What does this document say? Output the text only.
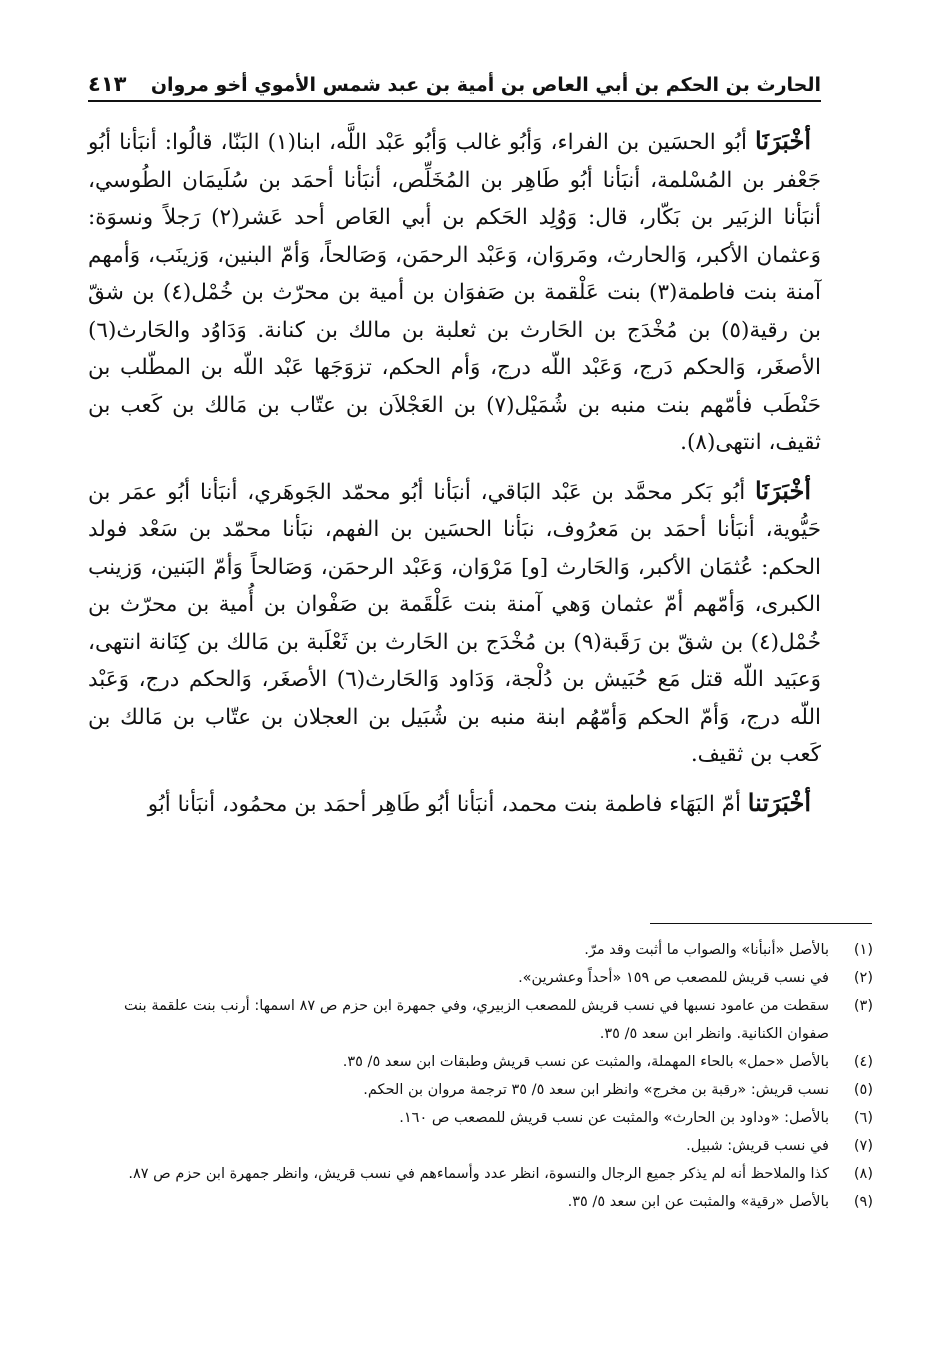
الحارث بن الحكم بن أبي العاص بن أمية بن عبد شمس الأموي أخو مروان
٤١٣

أخْبَرَنَا أبُو الحسَين بن الفراء، وَأبُو غالب وَأبُو عَبْد اللَّه، ابنا(١) البَنّا، قالُوا: أنبَأنا أبُو جَعْفر بن المُسْلمة، أنبَأنا أبُو طَاهِر بن المُخَلِّص، أنبَأنا أحمَد بن سُلَيمَان الطُوسي، أنبَأنا الزبَير بن بَكّار، قال: وَوُلِد الحَكم بن أبي العَاص أحد عَشر(٢) رَجلاً ونسوَة: وَعثمان الأكبر، وَالحارث، ومَروَان، وَعَبْد الرحمَن، وَصَالحاً، وَأمّ البنين، وَزينَب، وَأمهم آمنة بنت فاطمة(٣) بنت عَلْقمة بن صَفوَان بن أمية بن محرّث بن خُمْل(٤) بن شقّ بن رقية(٥) بن مُخْدَج بن الحَارث بن ثعلبة بن مالك بن كنانة. وَدَاوُد والحَارث(٦) الأصغَر، وَالحكم دَرج، وَعَبْد اللّه درج، وَأم الحكم، تزوَجَها عَبْد اللّه بن المطّلب بن حَنْطَب فأمّهم بنت منبه بن شُمَيْل(٧) بن العَجْلاَن بن عتّاب بن مَالك بن كَعب بن ثقيف، انتهى(٨).

أخْبَرَنَا أبُو بَكر محمَّد بن عَبْد البَاقي، أنبَأنا أبُو محمّد الجَوهَري، أنبَأنا أبُو عمَر بن حَيُّوية، أنبَأنا أحمَد بن مَعرُوف، نبَأنا الحسَين بن الفهم، نبَأنا محمّد بن سَعْد فولد الحكم: عُثمَان الأكبر، وَالحَارث [و] مَرْوَان، وَعَبْد الرحمَن، وَصَالحاً وَأمّ البَنين، وَزينب الكبرى، وَأمّهم أمّ عثمان وَهي آمنة بنت عَلْقَمة بن صَفْوان بن أُمية بن محرّث بن خُمْل(٤) بن شقّ بن رَقَبة(٩) بن مُخْدَج بن الحَارث بن ثَعْلَبة بن مَالك بن كِنَانة انتهى، وَعبَيد اللّه قتل مَع حُبَيش بن دُلْجة، وَدَاود وَالحَارث(٦) الأصغَر، وَالحكم درج، وَعَبْد اللّه درج، وَأمّ الحكم وَأمّهُم ابنة منبه بن شُبَيل بن العجلان بن عتّاب بن مَالك بن كَعب بن ثقيف.

أخْبَرَتنا أمّ البَهَاء فاطمة بنت محمد، أنبَأنا أبُو طَاهِر أحمَد بن محمُود، أنبَأنا أبُو

(١)
بالأصل «أنبأنا» والصواب ما أثبت وقد مرّ.
(٢)
في نسب قريش للمصعب ص ١٥٩ «أحداً وعشرين».
(٣)
سقطت من عامود نسبها في نسب قريش للمصعب الزبيري، وفي جمهرة ابن حزم ص ٨٧ اسمها: أرنب بنت علقمة بنت صفوان الكنانية. وانظر ابن سعد ٥/ ٣٥.
(٤)
بالأصل «حمل» بالحاء المهملة، والمثبت عن نسب قريش وطبقات ابن سعد ٥/ ٣٥.
(٥)
نسب قريش: «رقبة بن مخرج» وانظر ابن سعد ٥/ ٣٥ ترجمة مروان بن الحكم.
(٦)
بالأصل: «وداود بن الحارث» والمثبت عن نسب قريش للمصعب ص ١٦٠.
(٧)
في نسب قريش: شبيل.
(٨)
كذا والملاحظ أنه لم يذكر جميع الرجال والنسوة، انظر عدد وأسماءهم في نسب قريش، وانظر جمهرة ابن حزم ص ٨٧.
(٩)
بالأصل «رقية» والمثبت عن ابن سعد ٥/ ٣٥.
